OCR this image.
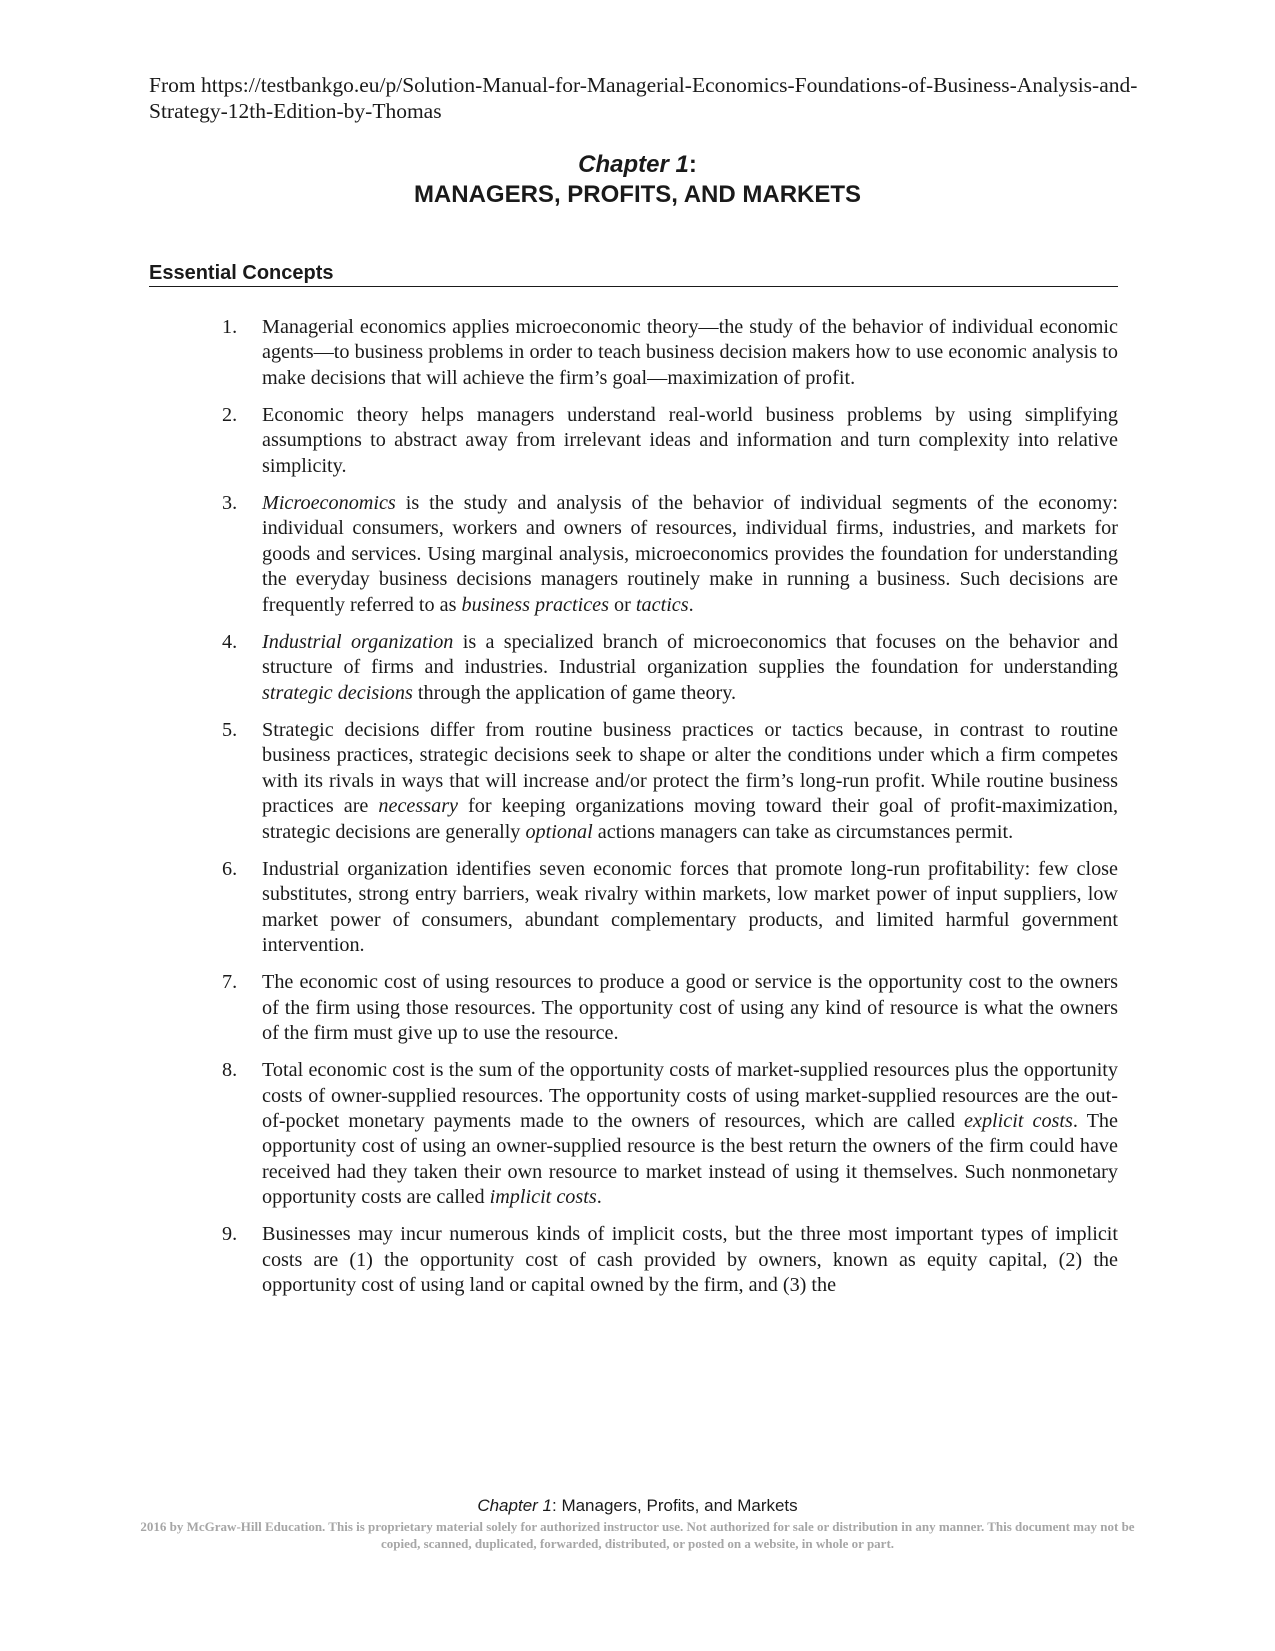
From https://testbankgo.eu/p/Solution-Manual-for-Managerial-Economics-Foundations-of-Business-Analysis-and-Strategy-12th-Edition-by-Thomas
Chapter 1:
MANAGERS, PROFITS, AND MARKETS
Essential Concepts
1. Managerial economics applies microeconomic theory—the study of the behavior of individual economic agents—to business problems in order to teach business decision makers how to use economic analysis to make decisions that will achieve the firm’s goal—maximization of profit.
2. Economic theory helps managers understand real-world business problems by using simplifying assumptions to abstract away from irrelevant ideas and information and turn complexity into relative simplicity.
3. Microeconomics is the study and analysis of the behavior of individual segments of the economy: individual consumers, workers and owners of resources, individual firms, industries, and markets for goods and services. Using marginal analysis, microeconomics provides the foundation for understanding the everyday business decisions managers routinely make in running a business. Such decisions are frequently referred to as business practices or tactics.
4. Industrial organization is a specialized branch of microeconomics that focuses on the behavior and structure of firms and industries. Industrial organization supplies the foundation for understanding strategic decisions through the application of game theory.
5. Strategic decisions differ from routine business practices or tactics because, in contrast to routine business practices, strategic decisions seek to shape or alter the conditions under which a firm competes with its rivals in ways that will increase and/or protect the firm’s long-run profit. While routine business practices are necessary for keeping organizations moving toward their goal of profit-maximization, strategic decisions are generally optional actions managers can take as circumstances permit.
6. Industrial organization identifies seven economic forces that promote long-run profitability: few close substitutes, strong entry barriers, weak rivalry within markets, low market power of input suppliers, low market power of consumers, abundant complementary products, and limited harmful government intervention.
7. The economic cost of using resources to produce a good or service is the opportunity cost to the owners of the firm using those resources. The opportunity cost of using any kind of resource is what the owners of the firm must give up to use the resource.
8. Total economic cost is the sum of the opportunity costs of market-supplied resources plus the opportunity costs of owner-supplied resources. The opportunity costs of using market-supplied resources are the out-of-pocket monetary payments made to the owners of resources, which are called explicit costs. The opportunity cost of using an owner-supplied resource is the best return the owners of the firm could have received had they taken their own resource to market instead of using it themselves. Such nonmonetary opportunity costs are called implicit costs.
9. Businesses may incur numerous kinds of implicit costs, but the three most important types of implicit costs are (1) the opportunity cost of cash provided by owners, known as equity capital, (2) the opportunity cost of using land or capital owned by the firm, and (3) the
Chapter 1: Managers, Profits, and Markets
2016 by McGraw-Hill Education. This is proprietary material solely for authorized instructor use. Not authorized for sale or distribution in any manner. This document may not be copied, scanned, duplicated, forwarded, distributed, or posted on a website, in whole or part.
